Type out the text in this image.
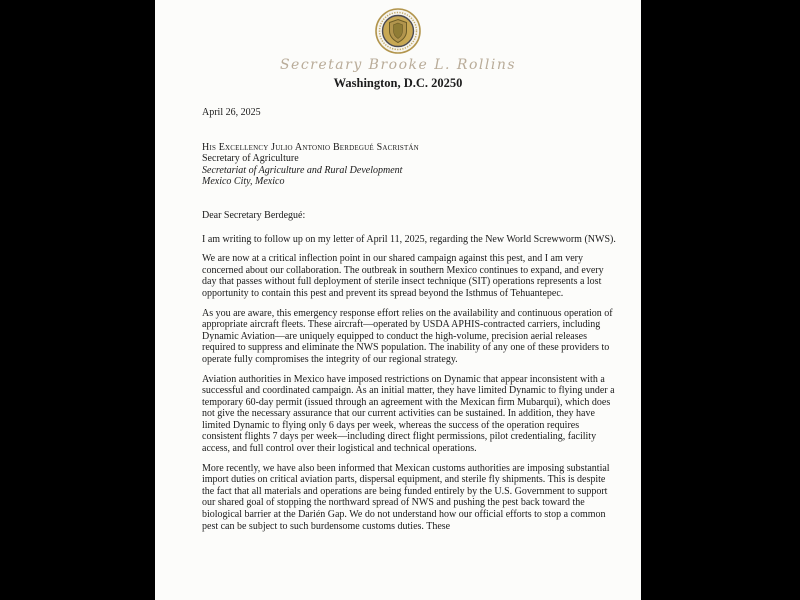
Secretary Brooke L. Rollins
Washington, D.C. 20250
April 26, 2025
His Excellency Julio Antonio Berdegué Sacristán
Secretary of Agriculture
Secretariat of Agriculture and Rural Development
Mexico City, Mexico
Dear Secretary Berdegué:

I am writing to follow up on my letter of April 11, 2025, regarding the New World Screwworm (NWS).

We are now at a critical inflection point in our shared campaign against this pest, and I am very concerned about our collaboration. The outbreak in southern Mexico continues to expand, and every day that passes without full deployment of sterile insect technique (SIT) operations represents a lost opportunity to contain this pest and prevent its spread beyond the Isthmus of Tehuantepec.

As you are aware, this emergency response effort relies on the availability and continuous operation of appropriate aircraft fleets. These aircraft—operated by USDA APHIS-contracted carriers, including Dynamic Aviation—are uniquely equipped to conduct the high-volume, precision aerial releases required to suppress and eliminate the NWS population. The inability of any one of these providers to operate fully compromises the integrity of our regional strategy.

Aviation authorities in Mexico have imposed restrictions on Dynamic that appear inconsistent with a successful and coordinated campaign. As an initial matter, they have limited Dynamic to flying under a temporary 60-day permit (issued through an agreement with the Mexican firm Mubarqui), which does not give the necessary assurance that our current activities can be sustained. In addition, they have limited Dynamic to flying only 6 days per week, whereas the success of the operation requires consistent flights 7 days per week—including direct flight permissions, pilot credentialing, facility access, and full control over their logistical and technical operations.

More recently, we have also been informed that Mexican customs authorities are imposing substantial import duties on critical aviation parts, dispersal equipment, and sterile fly shipments. This is despite the fact that all materials and operations are being funded entirely by the U.S. Government to support our shared goal of stopping the northward spread of NWS and pushing the pest back toward the biological barrier at the Darién Gap. We do not understand how our official efforts to stop a common pest can be subject to such burdensome customs duties. These
